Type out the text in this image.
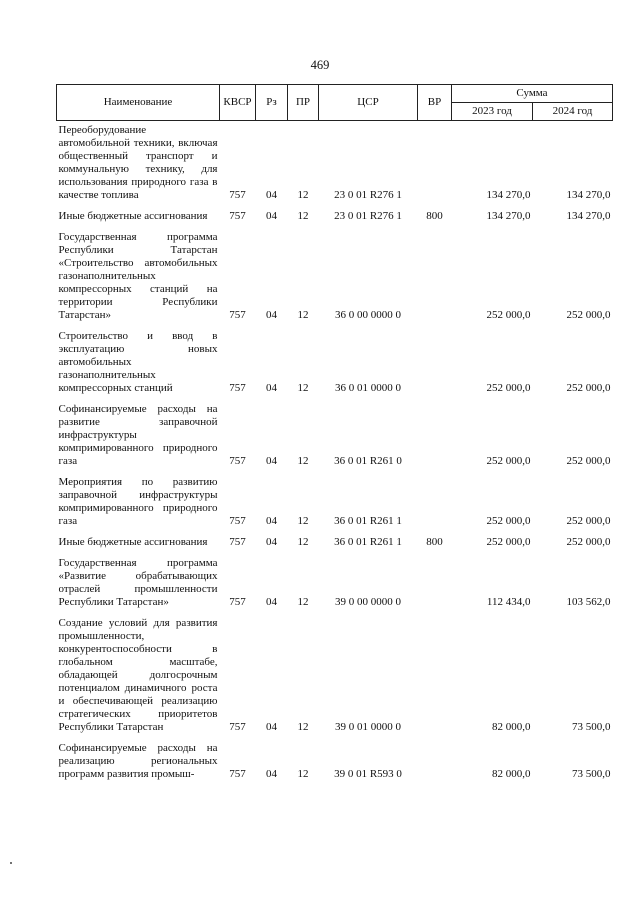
469
Наименование	КВСР	Рз	ПР	ЦСР	ВР	Сумма	
						2023 год	2024 год
Переоборудование автомобильной техники, включая общественный транспорт и коммунальную технику, для использования природного газа в качестве топлива	757	04	12	23 0 01 R276 1		134 270,0	134 270,0
Иные бюджетные ассигнования	757	04	12	23 0 01 R276 1	800	134 270,0	134 270,0
Государственная программа Республики Татарстан «Строительство автомобильных газонаполнительных компрессорных станций на территории Республики Татарстан»	757	04	12	36 0 00 0000 0		252 000,0	252 000,0
Строительство и ввод в эксплуатацию новых автомобильных газонаполнительных компрессорных станций	757	04	12	36 0 01 0000 0		252 000,0	252 000,0
Софинансируемые расходы на развитие заправочной инфраструктуры компримированного природного газа	757	04	12	36 0 01 R261 0		252 000,0	252 000,0
Мероприятия по развитию заправочной инфраструктуры компримированного природного газа	757	04	12	36 0 01 R261 1		252 000,0	252 000,0
Иные бюджетные ассигнования	757	04	12	36 0 01 R261 1	800	252 000,0	252 000,0
Государственная программа «Развитие обрабатывающих отраслей промышленности Республики Татарстан»	757	04	12	39 0 00 0000 0		112 434,0	103 562,0
Создание условий для развития промышленности, конкурентоспособности в глобальном масштабе, обладающей долгосрочным потенциалом динамичного роста и обеспечивающей реализацию стратегических приоритетов Республики Татарстан	757	04	12	39 0 01 0000 0		82 000,0	73 500,0
Софинансируемые расходы на реализацию региональных программ развития промыш-	757	04	12	39 0 01 R593 0		82 000,0	73 500,0
